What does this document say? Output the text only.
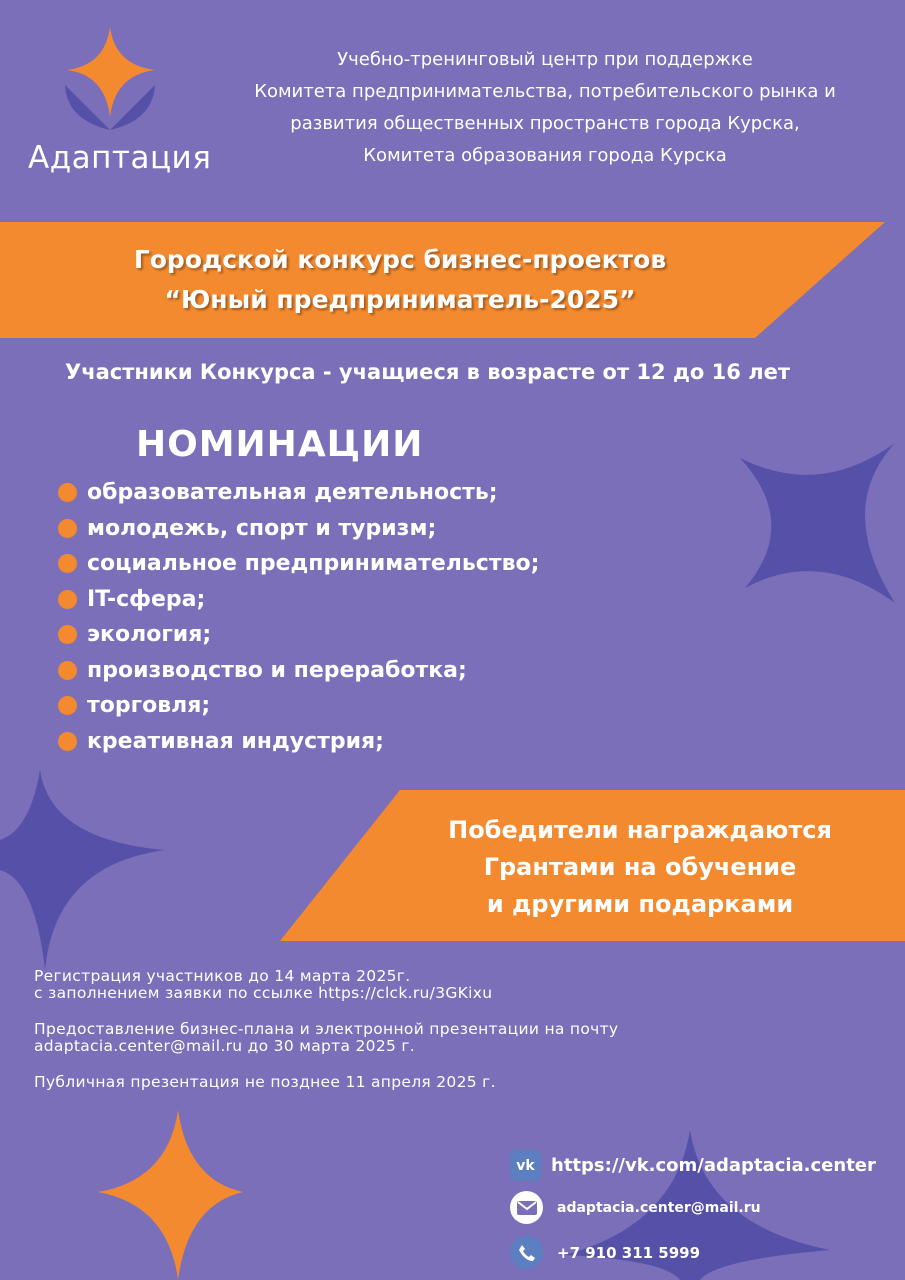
Адаптация
Учебно-тренинговый центр при поддержке
Комитета предпринимательства, потребительского рынка и
развития общественных пространств города Курска,
Комитета образования города Курска
Городской конкурс бизнес-проектов
“Юный предприниматель-2025”
Участники Конкурса - учащиеся в возрасте от 12 до 16 лет
НОМИНАЦИИ
образовательная деятельность;
молодежь, спорт и туризм;
социальное предпринимательство;
IT-сфера;
экология;
производство и переработка;
торговля;
креативная индустрия;
Победители награждаются
Грантами на обучение
и другими подарками

Регистрация участников до 14 марта 2025г.
с заполнением заявки по ссылке https://clck.ru/3GKixu

Предоставление бизнес-плана и электронной презентации на почту
adaptacia.center@mail.ru до 30 марта 2025 г.

Публичная презентация не позднее 11 апреля 2025 г.

vk https://vk.com/adaptacia.center
adaptacia.center@mail.ru
+7 910 311 5999
